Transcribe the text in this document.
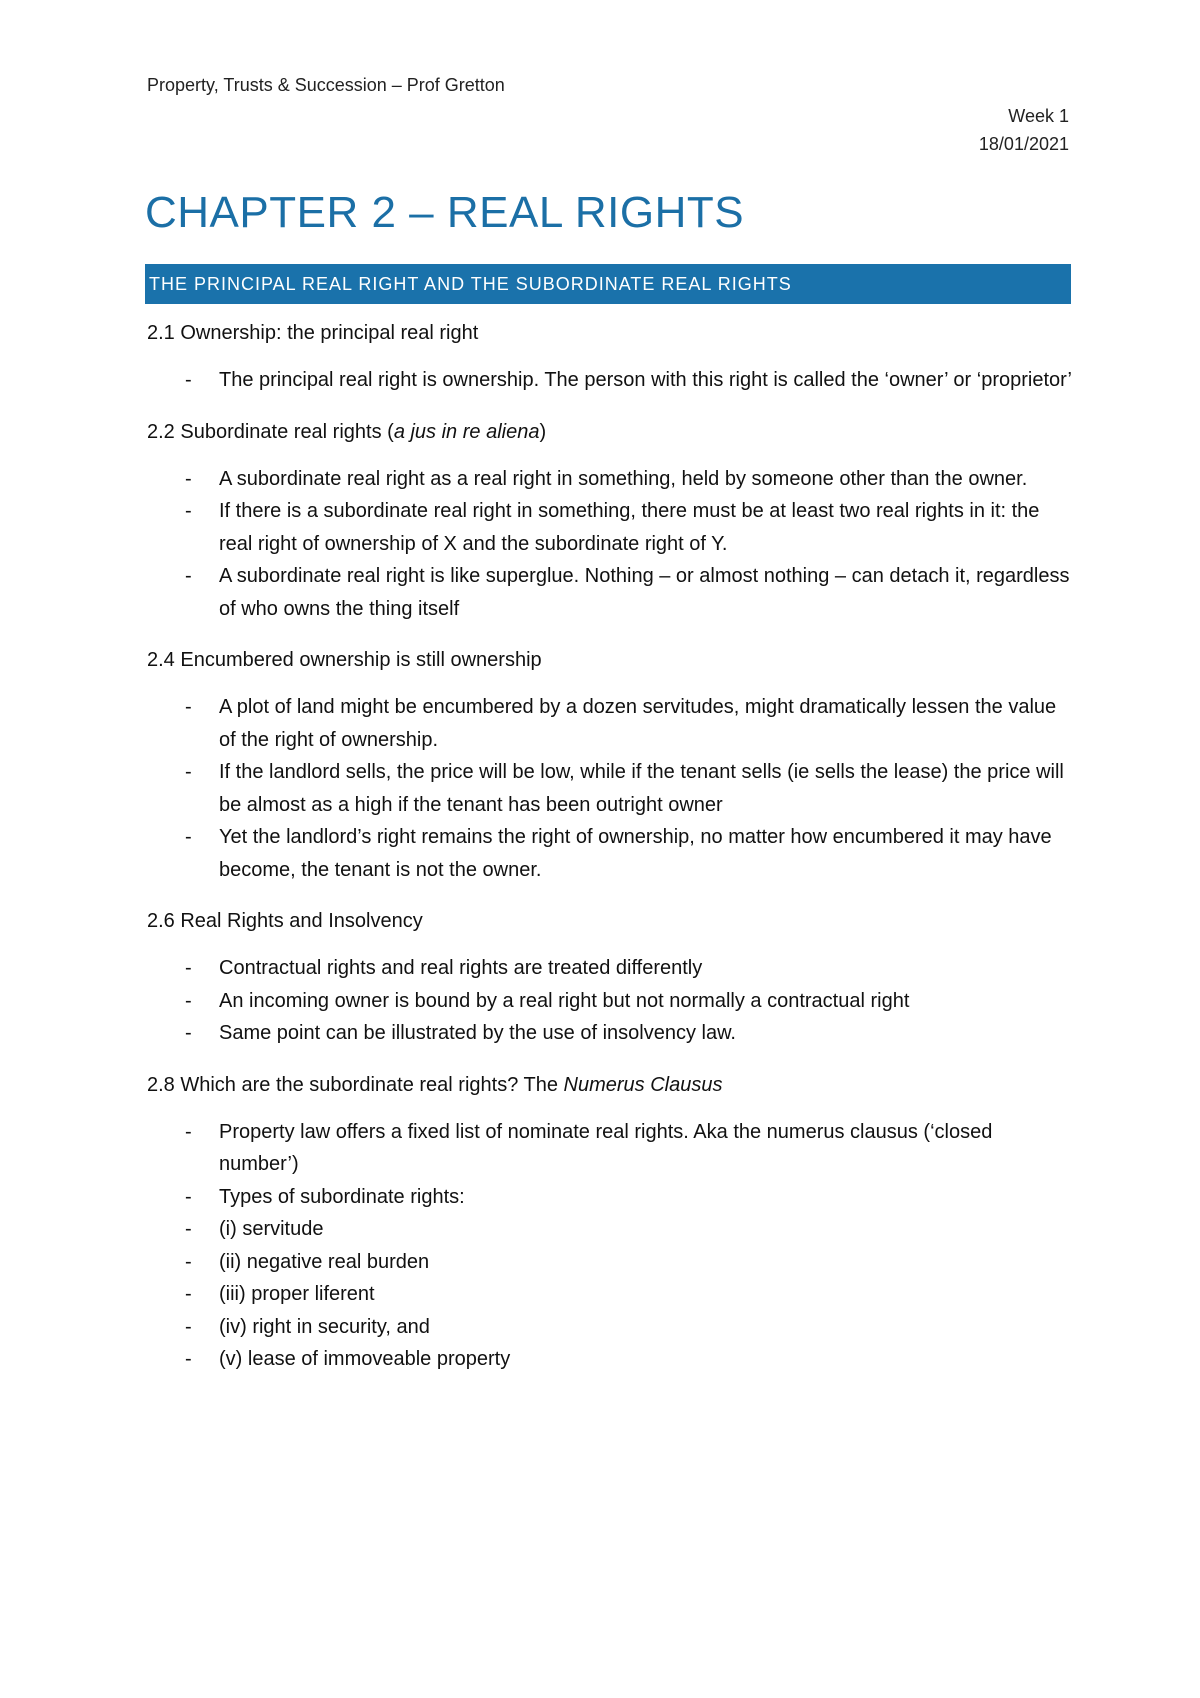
Property, Trusts & Succession – Prof Gretton
Week 1
18/01/2021
CHAPTER 2 – REAL RIGHTS
THE PRINCIPAL REAL RIGHT AND THE SUBORDINATE REAL RIGHTS
2.1 Ownership: the principal real right
- The principal real right is ownership. The person with this right is called the ‘owner’ or ‘proprietor’
2.2 Subordinate real rights (a jus in re aliena)
- A subordinate real right as a real right in something, held by someone other than the owner.
- If there is a subordinate real right in something, there must be at least two real rights in it: the real right of ownership of X and the subordinate right of Y.
- A subordinate real right is like superglue. Nothing – or almost nothing – can detach it, regardless of who owns the thing itself
2.4 Encumbered ownership is still ownership
- A plot of land might be encumbered by a dozen servitudes, might dramatically lessen the value of the right of ownership.
- If the landlord sells, the price will be low, while if the tenant sells (ie sells the lease) the price will be almost as a high if the tenant has been outright owner
- Yet the landlord’s right remains the right of ownership, no matter how encumbered it may have become, the tenant is not the owner.
2.6 Real Rights and Insolvency
- Contractual rights and real rights are treated differently
- An incoming owner is bound by a real right but not normally a contractual right
- Same point can be illustrated by the use of insolvency law.
2.8 Which are the subordinate real rights? The Numerus Clausus
- Property law offers a fixed list of nominate real rights. Aka the numerus clausus (‘closed number’)
- Types of subordinate rights:
- (i) servitude
- (ii) negative real burden
- (iii) proper liferent
- (iv) right in security, and
- (v) lease of immoveable property
